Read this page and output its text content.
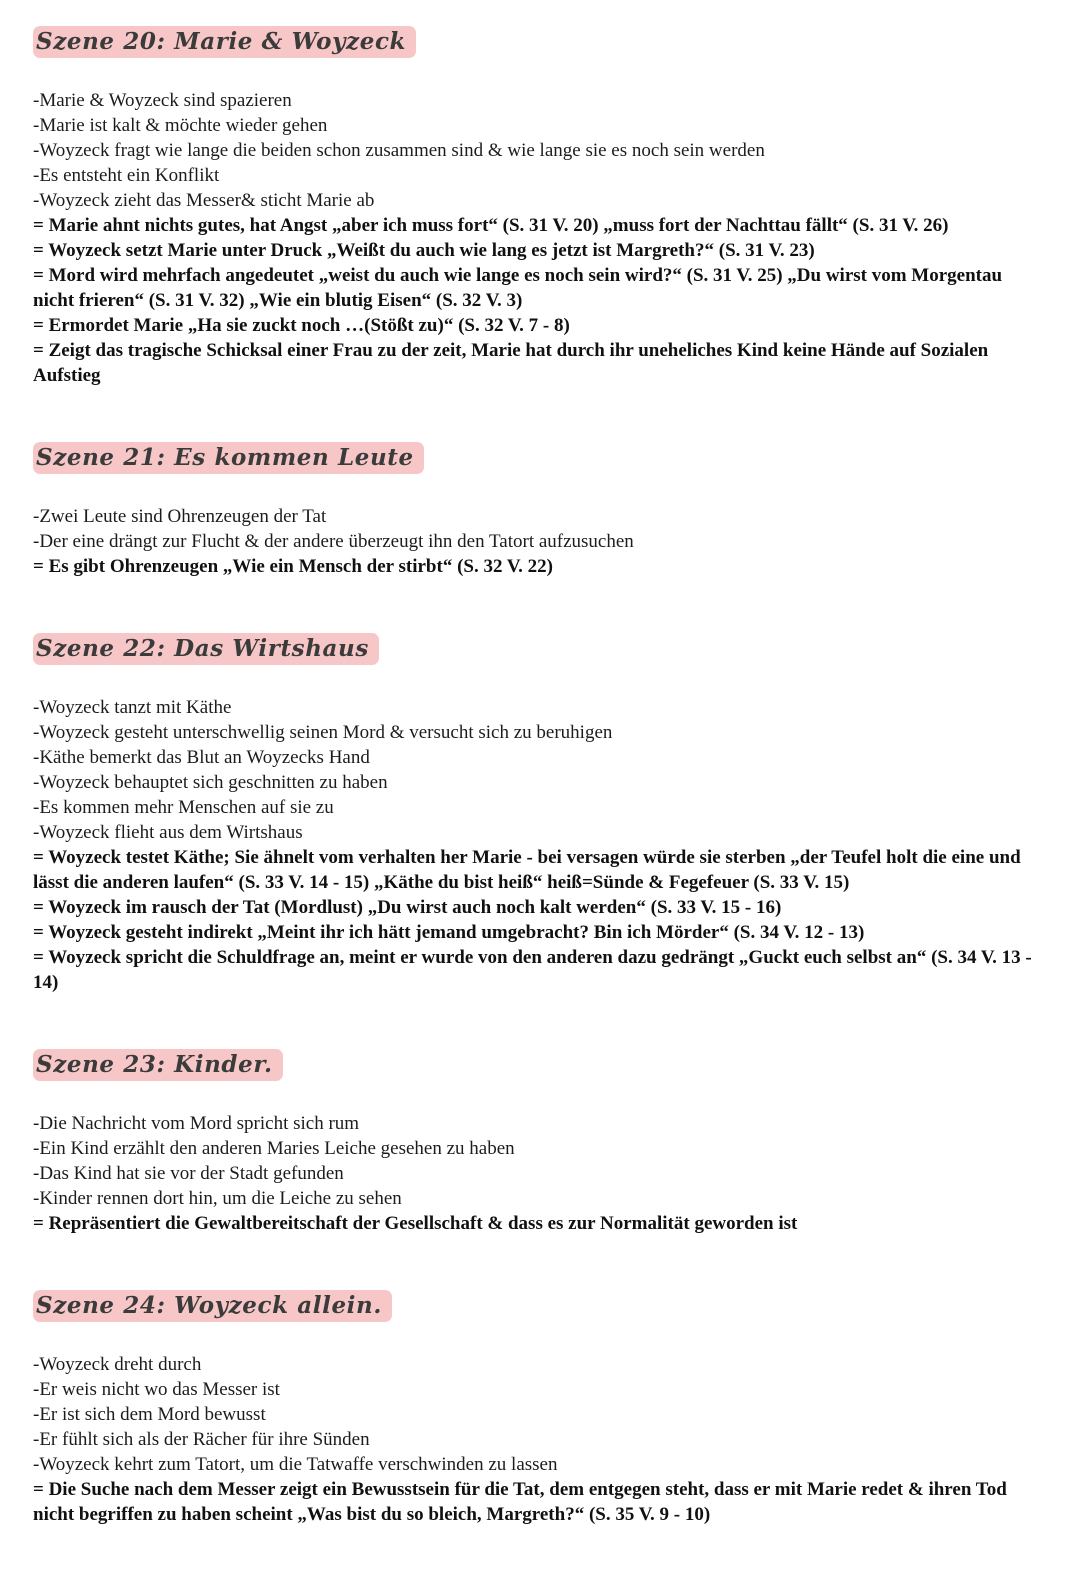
Szene 20: Marie & Woyzeck

-Marie & Woyzeck sind spazieren

-Marie ist kalt & möchte wieder gehen

-Woyzeck fragt wie lange die beiden schon zusammen sind & wie lange sie es noch sein werden

-Es entsteht ein Konflikt

-Woyzeck zieht das Messer& sticht Marie ab

= Marie ahnt nichts gutes, hat Angst „aber ich muss fort“ (S. 31 V. 20) „muss fort der Nachttau fällt“ (S. 31 V. 26)

= Woyzeck setzt Marie unter Druck „Weißt du auch wie lang es jetzt ist Margreth?“ (S. 31 V. 23)

= Mord wird mehrfach angedeutet „weist du auch wie lange es noch sein wird?“ (S. 31 V. 25) „Du wirst vom Morgentau nicht frieren“ (S. 31 V. 32) „Wie ein blutig Eisen“ (S. 32 V. 3)

= Ermordet Marie „Ha sie zuckt noch …(Stößt zu)“ (S. 32 V. 7 - 8)

= Zeigt das tragische Schicksal einer Frau zu der zeit, Marie hat durch ihr uneheliches Kind keine Hände auf Sozialen Aufstieg

Szene 21: Es kommen Leute

-Zwei Leute sind Ohrenzeugen der Tat

-Der eine drängt zur Flucht & der andere überzeugt ihn den Tatort aufzusuchen

= Es gibt Ohrenzeugen „Wie ein Mensch der stirbt“ (S. 32 V. 22)

Szene 22: Das Wirtshaus

-Woyzeck tanzt mit Käthe

-Woyzeck gesteht unterschwellig seinen Mord & versucht sich zu beruhigen

-Käthe bemerkt das Blut an Woyzecks Hand

-Woyzeck behauptet sich geschnitten zu haben

-Es kommen mehr Menschen auf sie zu

-Woyzeck flieht aus dem Wirtshaus

= Woyzeck testet Käthe; Sie ähnelt vom verhalten her Marie - bei versagen würde sie sterben „der Teufel holt die eine und lässt die anderen laufen“ (S. 33 V. 14 - 15) „Käthe du bist heiß“ heiß=Sünde & Fegefeuer (S. 33 V. 15)

= Woyzeck im rausch der Tat (Mordlust) „Du wirst auch noch kalt werden“ (S. 33 V. 15 - 16)

= Woyzeck gesteht indirekt „Meint ihr ich hätt jemand umgebracht? Bin ich Mörder“ (S. 34 V. 12 - 13)

= Woyzeck spricht die Schuldfrage an, meint er wurde von den anderen dazu gedrängt „Guckt euch selbst an“ (S. 34 V. 13 - 14)

Szene 23: Kinder.

-Die Nachricht vom Mord spricht sich rum

-Ein Kind erzählt den anderen Maries Leiche gesehen zu haben

-Das Kind hat sie vor der Stadt gefunden

-Kinder rennen dort hin, um die Leiche zu sehen

= Repräsentiert die Gewaltbereitschaft der Gesellschaft & dass es zur Normalität geworden ist

Szene 24: Woyzeck allein.

-Woyzeck dreht durch

-Er weis nicht wo das Messer ist

-Er ist sich dem Mord bewusst

-Er fühlt sich als der Rächer für ihre Sünden

-Woyzeck kehrt zum Tatort, um die Tatwaffe verschwinden zu lassen

= Die Suche nach dem Messer zeigt ein Bewusstsein für die Tat, dem entgegen steht, dass er mit Marie redet & ihren Tod nicht begriffen zu haben scheint „Was bist du so bleich, Margreth?“ (S. 35 V. 9 - 10)
